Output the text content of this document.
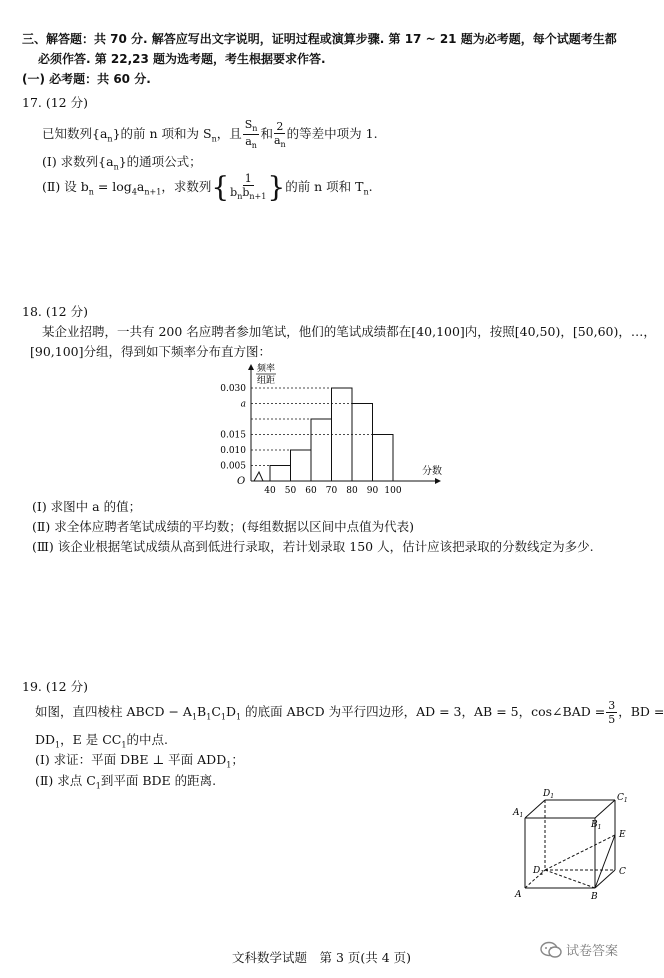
三、解答题：共 70 分. 解答应写出文字说明，证明过程或演算步骤. 第 17 ~ 21 题为必考题，每个试题考生都
必须作答. 第 22,23 题为选考题，考生根据要求作答.
(一) 必考题：共 60 分.
17. (12 分)
已知数列$\{a_n\}$的前 n 项和为 $S_n$，且 $\frac{S_n}{a_n}$ 和 $\frac{2}{a_n}$ 的等差中项为 1.
(Ⅰ) 求数列$\{a_n\}$的通项公式；
(Ⅱ) 设 $b_n = \log_4a_{n+1}$，求数列{ $\frac{1}{b_nb_{n+1}}$ }的前 n 项和 $T_n$.
18. (12 分)
某企业招聘，一共有 200 名应聘者参加笔试，他们的笔试成绩都在[40,100]内，按照[40,50)，[50,60)，…，
[90,100]分组，得到如下频率分布直方图：
0.005
0.010
0.015
a
0.030
40 50 60 70 80 90 100
O
频率
组距
分数
(Ⅰ) 求图中 a 的值；
(Ⅱ) 求全体应聘者笔试成绩的平均数；(每组数据以区间中点值为代表)
(Ⅲ) 该企业根据笔试成绩从高到低进行录取，若计划录取 150 人，估计应该把录取的分数线定为多少.
19. (12 分)
如图，直四棱柱 ABCD − $A_1B_1C_1D_1$ 的底面 ABCD 为平行四边形，AD = 3，AB = 5，cos∠BAD = $\frac{3}{5}$ ，BD =
$DD_1$，E 是 $CC_1$的中点.
(Ⅰ) 求证：平面 DBE ⊥ 平面 $ADD_1$；
(Ⅱ) 求点 $C_1$到平面 BDE 的距离.
$D_1$	$C_1$
$A_1$
$B_1$
E
$D_1$	C
A	B
文科数学试题　第 3 页(共 4 页)	试卷答案
